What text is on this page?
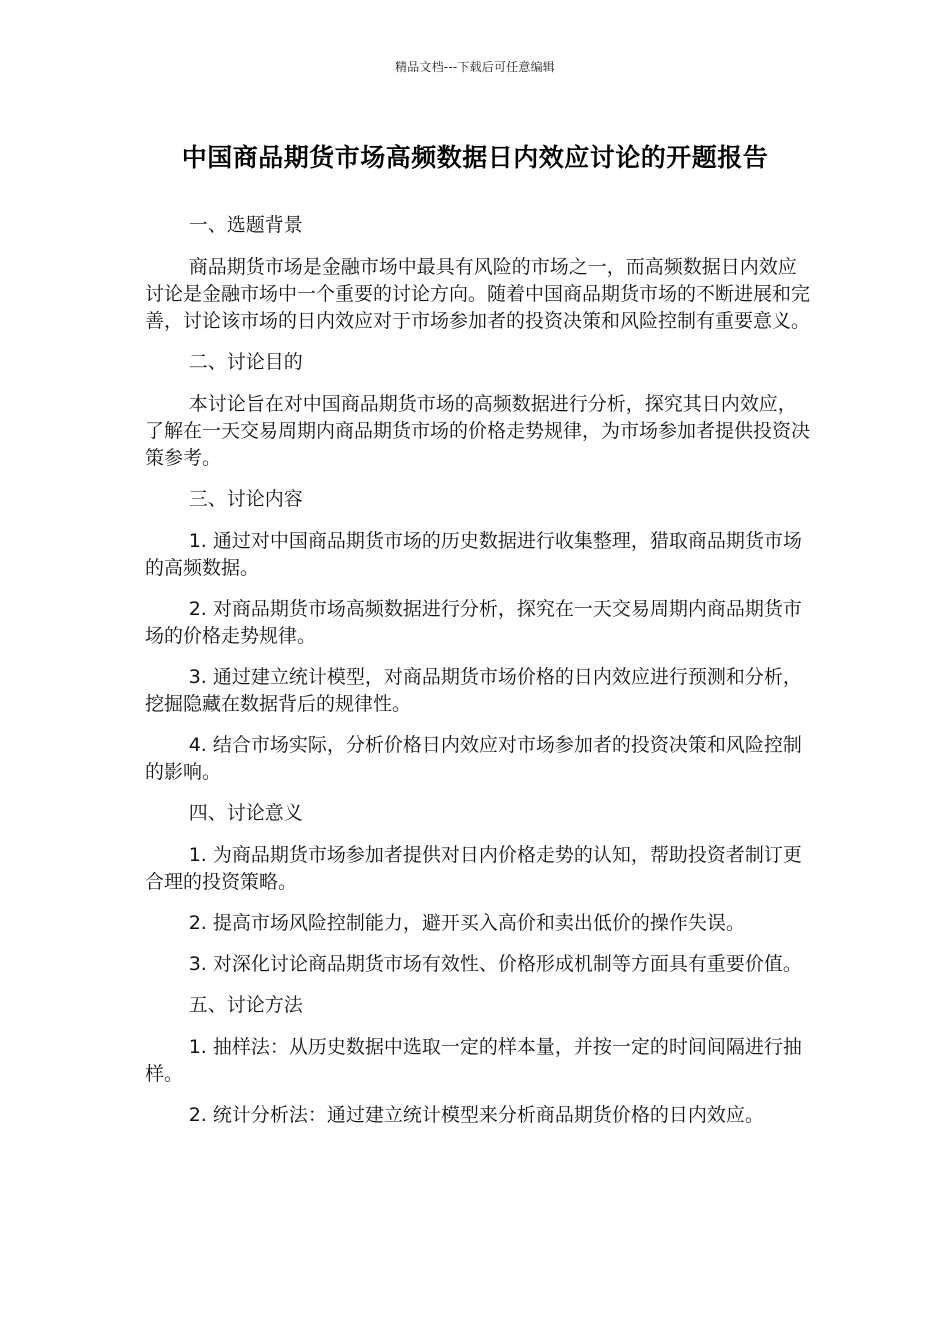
精品文档---下载后可任意编辑
中国商品期货市场高频数据日内效应讨论的开题报告

一、选题背景

商品期货市场是金融市场中最具有风险的市场之一，而高频数据日内效应讨论是金融市场中一个重要的讨论方向。随着中国商品期货市场的不断进展和完善，讨论该市场的日内效应对于市场参加者的投资决策和风险控制有重要意义。

二、讨论目的

本讨论旨在对中国商品期货市场的高频数据进行分析，探究其日内效应，了解在一天交易周期内商品期货市场的价格走势规律，为市场参加者提供投资决策参考。

三、讨论内容

1. 通过对中国商品期货市场的历史数据进行收集整理，猎取商品期货市场的高频数据。

2. 对商品期货市场高频数据进行分析，探究在一天交易周期内商品期货市场的价格走势规律。

3. 通过建立统计模型，对商品期货市场价格的日内效应进行预测和分析，挖掘隐藏在数据背后的规律性。

4. 结合市场实际，分析价格日内效应对市场参加者的投资决策和风险控制的影响。

四、讨论意义

1. 为商品期货市场参加者提供对日内价格走势的认知，帮助投资者制订更合理的投资策略。

2. 提高市场风险控制能力，避开买入高价和卖出低价的操作失误。

3. 对深化讨论商品期货市场有效性、价格形成机制等方面具有重要价值。

五、讨论方法

1. 抽样法：从历史数据中选取一定的样本量，并按一定的时间间隔进行抽样。

2. 统计分析法：通过建立统计模型来分析商品期货价格的日内效应。
